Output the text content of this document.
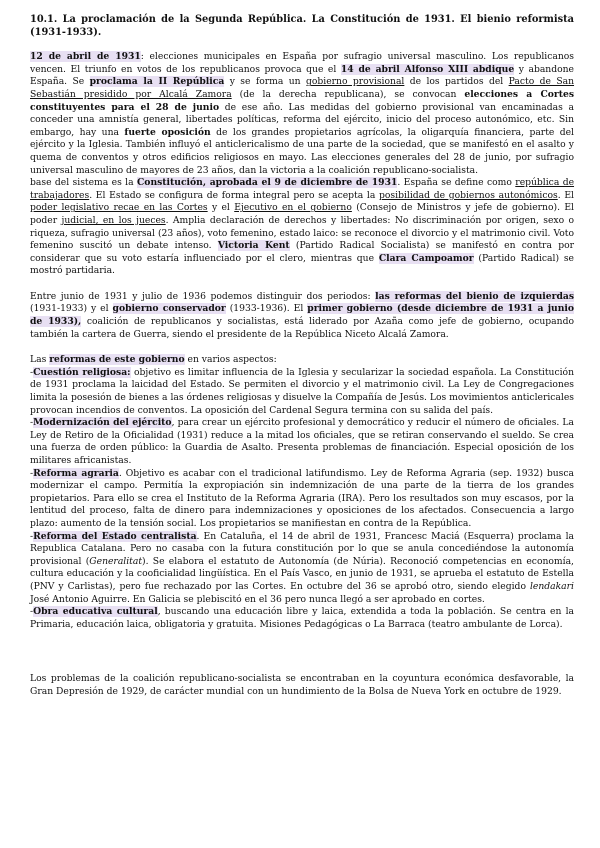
10.1. La proclamación de la Segunda República. La Constitución de 1931. El bienio reformista (1931-1933).

12 de abril de 1931: elecciones municipales en España por sufragio universal masculino. Los republicanos vencen. El triunfo en votos de los republicanos provoca que el 14 de abril Alfonso XIII abdique y abandone España. Se proclama la II República y se forma un gobierno provisional de los partidos del Pacto de San Sebastián presidido por Alcalá Zamora (de la derecha republicana), se convocan elecciones a Cortes constituyentes para el 28 de junio de ese año. Las medidas del gobierno provisional van encaminadas a conceder una amnistía general, libertades políticas, reforma del ejército, inicio del proceso autonómico, etc. Sin embargo, hay una fuerte oposición de los grandes propietarios agrícolas, la oligarquía financiera, parte del ejército y la Iglesia. También influyó el anticlericalismo de una parte de la sociedad, que se manifestó en el asalto y quema de conventos y otros edificios religiosos en mayo. Las elecciones generales del 28 de junio, por sufragio universal masculino de mayores de 23 años, dan la victoria a la coalición republicano-socialista.

base del sistema es la Constitución, aprobada el 9 de diciembre de 1931. España se define como república de trabajadores. El Estado se configura de forma integral pero se acepta la posibilidad de gobiernos autonómicos. El poder legislativo recae en las Cortes y el Ejecutivo en el gobierno (Consejo de Ministros y jefe de gobierno). El poder judicial, en los jueces. Amplia declaración de derechos y libertades: No discriminación por origen, sexo o riqueza, sufragio universal (23 años), voto femenino, estado laico: se reconoce el divorcio y el matrimonio civil. Voto femenino suscitó un debate intenso. Victoria Kent (Partido Radical Socialista) se manifestó en contra por considerar que su voto estaría influenciado por el clero, mientras que Clara Campoamor (Partido Radical) se mostró partidaria.

Entre junio de 1931 y julio de 1936 podemos distinguir dos periodos: las reformas del bienio de izquierdas (1931-1933) y el gobierno conservador (1933-1936). El primer gobierno (desde diciembre de 1931 a junio de 1933), coalición de republicanos y socialistas, está liderado por Azaña como jefe de gobierno, ocupando también la cartera de Guerra, siendo el presidente de la República Niceto Alcalá Zamora.

Las reformas de este gobierno en varios aspectos:

-Cuestión religiosa: objetivo es limitar influencia de la Iglesia y secularizar la sociedad española. La Constitución de 1931 proclama la laicidad del Estado. Se permiten el divorcio y el matrimonio civil. La Ley de Congregaciones limita la posesión de bienes a las órdenes religiosas y disuelve la Compañía de Jesús. Los movimientos anticlericales provocan incendios de conventos. La oposición del Cardenal Segura termina con su salida del país.

-Modernización del ejército, para crear un ejército profesional y democrático y reducir el número de oficiales. La Ley de Retiro de la Oficialidad (1931) reduce a la mitad los oficiales, que se retiran conservando el sueldo. Se crea una fuerza de orden público: la Guardia de Asalto. Presenta problemas de financiación. Especial oposición de los militares africanistas.

-Reforma agraria. Objetivo es acabar con el tradicional latifundismo. Ley de Reforma Agraria (sep. 1932) busca modernizar el campo. Permitía la expropiación sin indemnización de una parte de la tierra de los grandes propietarios. Para ello se crea el Instituto de la Reforma Agraria (IRA). Pero los resultados son muy escasos, por la lentitud del proceso, falta de dinero para indemnizaciones y oposiciones de los afectados. Consecuencia a largo plazo: aumento de la tensión social. Los propietarios se manifiestan en contra de la República.

-Reforma del Estado centralista. En Cataluña, el 14 de abril de 1931, Francesc Maciá (Esquerra) proclama la Republica Catalana. Pero no casaba con la futura constitución por lo que se anula concediéndose la autonomía provisional (Generalitat). Se elabora el estatuto de Autonomía (de Núria). Reconoció competencias en economía, cultura educación y la cooficialidad lingüística. En el País Vasco, en junio de 1931, se aprueba el estatuto de Estella (PNV y Carlistas), pero fue rechazado por las Cortes. En octubre del 36 se aprobó otro, siendo elegido lendakari José Antonio Aguirre. En Galicia se plebiscitó en el 36 pero nunca llegó a ser aprobado en cortes.

-Obra educativa cultural, buscando una educación libre y laica, extendida a toda la población. Se centra en la Primaria, educación laica, obligatoria y gratuita. Misiones Pedagógicas o La Barraca (teatro ambulante de Lorca).

Los problemas de la coalición republicano-socialista se encontraban en la coyuntura económica desfavorable, la Gran Depresión de 1929, de carácter mundial con un hundimiento de la Bolsa de Nueva York en octubre de 1929.
